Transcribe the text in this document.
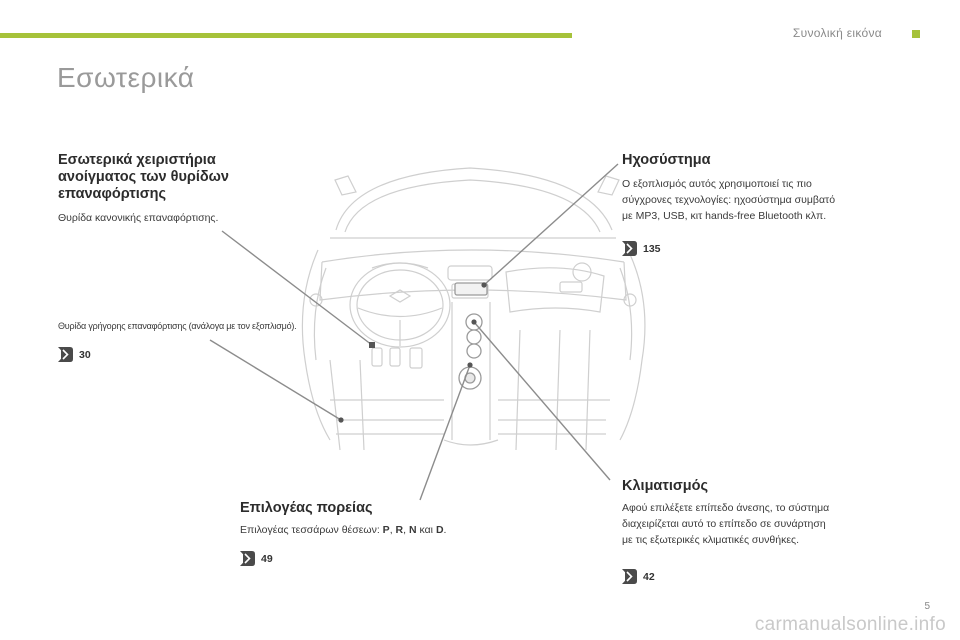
Συνολική εικόνα
Εσωτερικά
Εσωτερικά χειριστήρια
ανοίγματος των θυρίδων
επαναφόρτισης
Θυρίδα κανονικής επαναφόρτισης.
Θυρίδα γρήγορης επαναφόρτισης (ανάλογα με τον εξοπλισμό).
30
Ηχοσύστημα
Ο εξοπλισμός αυτός χρησιμοποιεί τις πιο
σύγχρονες τεχνολογίες: ηχοσύστημα συμβατό
με MP3, USB, κιτ hands-free Bluetooth κλπ.
135
Επιλογέας πορείας
Επιλογέας τεσσάρων θέσεων: P, R, N και D.
49
Κλιματισμός
Αφού επιλέξετε επίπεδο άνεσης, το σύστημα
διαχειρίζεται αυτό το επίπεδο σε συνάρτηση
με τις εξωτερικές κλιματικές συνθήκες.
42
5
carmanualsonline.info
